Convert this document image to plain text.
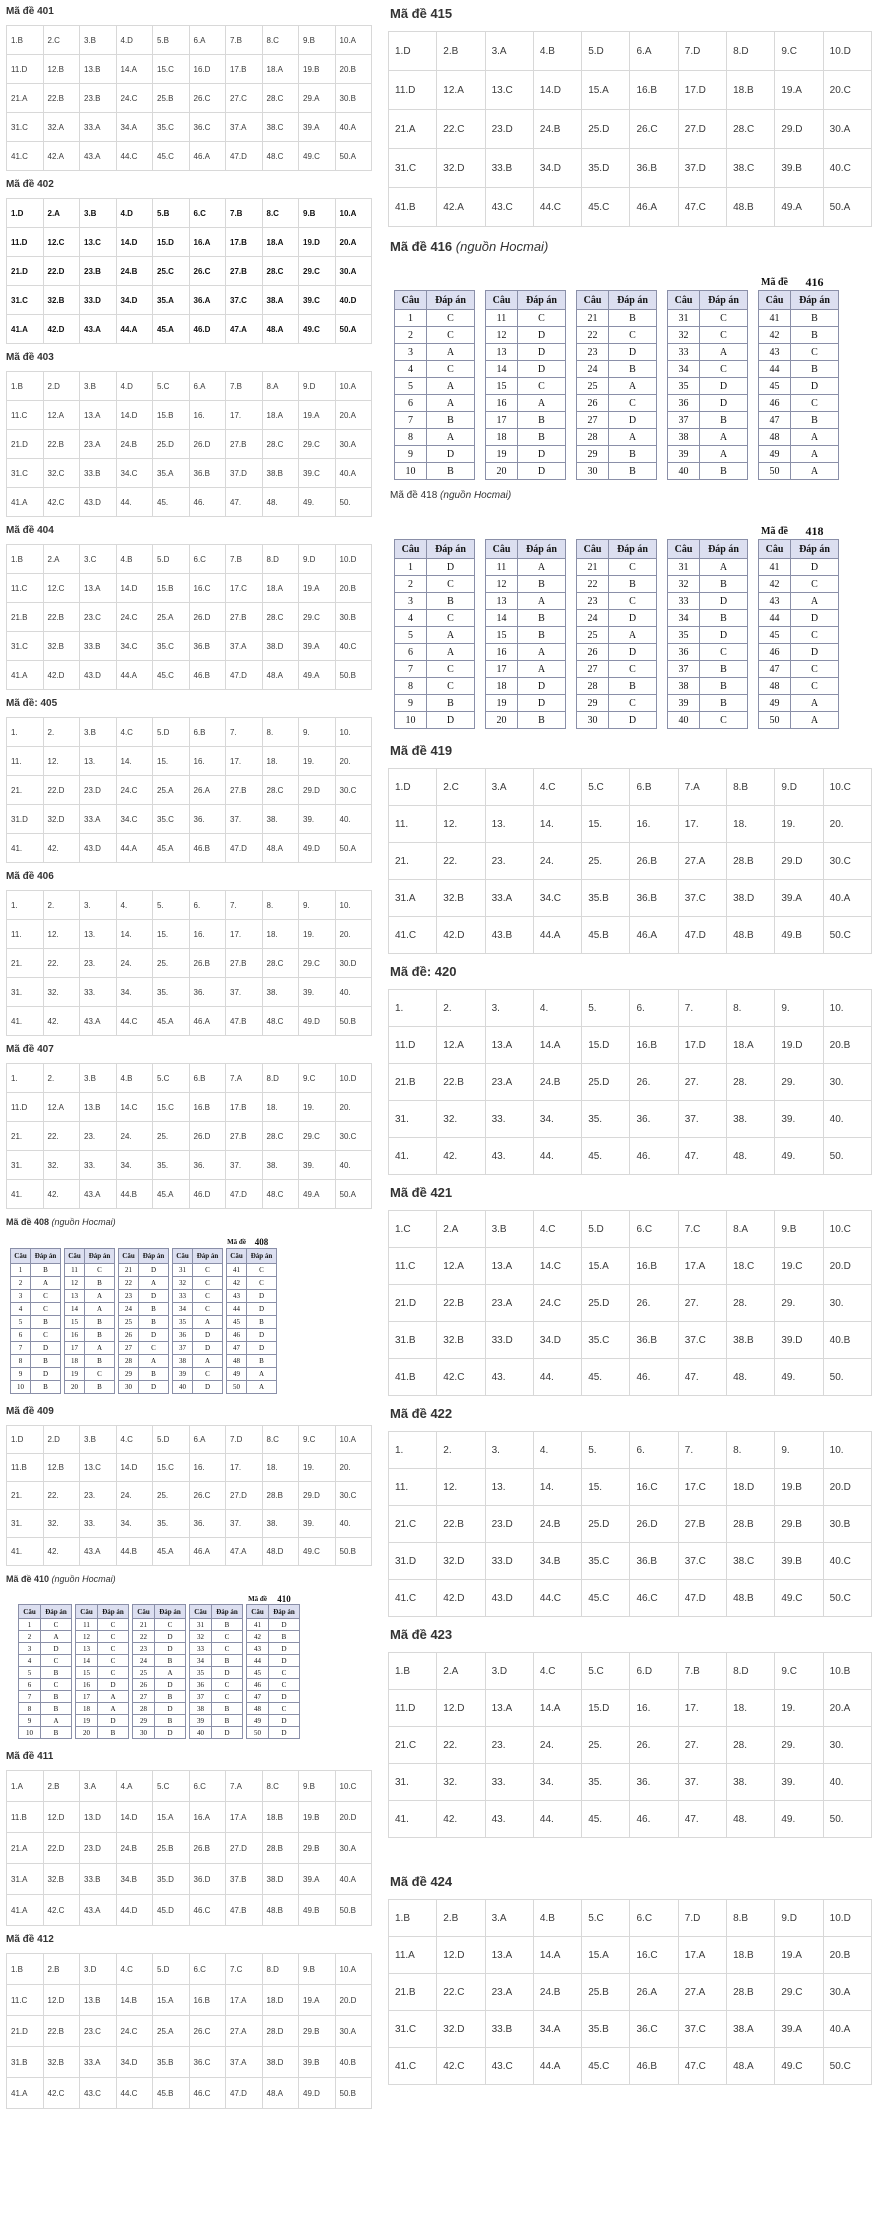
Mã đề 401
1.B	2.C	3.B	4.D	5.B	6.A	7.B	8.C	9.B	10.A
11.D	12.B	13.B	14.A	15.C	16.D	17.B	18.A	19.B	20.B
21.A	22.B	23.B	24.C	25.B	26.C	27.C	28.C	29.A	30.B
31.C	32.A	33.A	34.A	35.C	36.C	37.A	38.C	39.A	40.A
41.C	42.A	43.A	44.C	45.C	46.A	47.D	48.C	49.C	50.A
Mã đề 402
1.D	2.A	3.B	4.D	5.B	6.C	7.B	8.C	9.B	10.A
11.D	12.C	13.C	14.D	15.D	16.A	17.B	18.A	19.D	20.A
21.D	22.D	23.B	24.B	25.C	26.C	27.B	28.C	29.C	30.A
31.C	32.B	33.D	34.D	35.A	36.A	37.C	38.A	39.C	40.D
41.A	42.D	43.A	44.A	45.A	46.D	47.A	48.A	49.C	50.A
Mã đề 403
1.B	2.D	3.B	4.D	5.C	6.A	7.B	8.A	9.D	10.A
11.C	12.A	13.A	14.D	15.B	16.	17.	18.A	19.A	20.A
21.D	22.B	23.A	24.B	25.D	26.D	27.B	28.C	29.C	30.A
31.C	32.C	33.B	34.C	35.A	36.B	37.D	38.B	39.C	40.A
41.A	42.C	43.D	44.	45.	46.	47.	48.	49.	50.
Mã đề 404
1.B	2.A	3.C	4.B	5.D	6.C	7.B	8.D	9.D	10.D
11.C	12.C	13.A	14.D	15.B	16.C	17.C	18.A	19.A	20.B
21.B	22.B	23.C	24.C	25.A	26.D	27.B	28.C	29.C	30.B
31.C	32.B	33.B	34.C	35.C	36.B	37.A	38.D	39.A	40.C
41.A	42.D	43.D	44.A	45.C	46.B	47.D	48.A	49.A	50.B
Mã đề: 405
1.	2.	3.B	4.C	5.D	6.B	7.	8.	9.	10.
11.	12.	13.	14.	15.	16.	17.	18.	19.	20.
21.	22.D	23.D	24.C	25.A	26.A	27.B	28.C	29.D	30.C
31.D	32.D	33.A	34.C	35.C	36.	37.	38.	39.	40.
41.	42.	43.D	44.A	45.A	46.B	47.D	48.A	49.D	50.A
Mã đề 406
1.	2.	3.	4.	5.	6.	7.	8.	9.	10.
11.	12.	13.	14.	15.	16.	17.	18.	19.	20.
21.	22.	23.	24.	25.	26.B	27.B	28.C	29.C	30.D
31.	32.	33.	34.	35.	36.	37.	38.	39.	40.
41.	42.	43.A	44.C	45.A	46.A	47.B	48.C	49.D	50.B
Mã đề 407
1.	2.	3.B	4.B	5.C	6.B	7.A	8.D	9.C	10.D
11.D	12.A	13.B	14.C	15.C	16.B	17.B	18.	19.	20.
21.	22.	23.	24.	25.	26.D	27.B	28.C	29.C	30.C
31.	32.	33.	34.	35.	36.	37.	38.	39.	40.
41.	42.	43.A	44.B	45.A	46.D	47.D	48.C	49.A	50.A
Mã đề 408 (nguồn Hocmai)
Câu	Đáp án
1	B
2	A
3	C
4	C
5	B
6	C
7	D
8	B
9	D
10	B
Câu	Đáp án
11	C
12	B
13	A
14	A
15	B
16	B
17	A
18	B
19	C
20	B
Câu	Đáp án
21	D
22	A
23	D
24	B
25	B
26	D
27	C
28	A
29	B
30	D
Câu	Đáp án
31	C
32	C
33	C
34	C
35	A
36	D
37	D
38	A
39	C
40	D
Mã đề	408
Câu	Đáp án
41	C
42	C
43	D
44	D
45	B
46	D
47	D
48	B
49	A
50	A
Mã đề 409
1.D	2.D	3.B	4.C	5.D	6.A	7.D	8.C	9.C	10.A
11.B	12.B	13.C	14.D	15.C	16.	17.	18.	19.	20.
21.	22.	23.	24.	25.	26.C	27.D	28.B	29.D	30.C
31.	32.	33.	34.	35.	36.	37.	38.	39.	40.
41.	42.	43.A	44.B	45.A	46.A	47.A	48.D	49.C	50.B
Mã đề 410 (nguồn Hocmai)
Câu	Đáp án
1	C
2	A
3	D
4	C
5	B
6	C
7	B
8	B
9	A
10	B
Câu	Đáp án
11	C
12	C
13	C
14	C
15	C
16	D
17	A
18	A
19	D
20	B
Câu	Đáp án
21	C
22	D
23	D
24	B
25	A
26	D
27	B
28	D
29	B
30	D
Câu	Đáp án
31	B
32	C
33	C
34	B
35	D
36	C
37	C
38	B
39	B
40	D
Mã đề	410
Câu	Đáp án
41	D
42	B
43	D
44	D
45	C
46	C
47	D
48	C
49	D
50	D
Mã đề 411
1.A	2.B	3.A	4.A	5.C	6.C	7.A	8.C	9.B	10.C
11.B	12.D	13.D	14.D	15.A	16.A	17.A	18.B	19.B	20.D
21.A	22.D	23.D	24.B	25.B	26.B	27.D	28.B	29.B	30.A
31.A	32.B	33.B	34.B	35.D	36.D	37.B	38.D	39.A	40.A
41.A	42.C	43.A	44.D	45.D	46.C	47.B	48.B	49.B	50.B
Mã đề 412
1.B	2.B	3.D	4.C	5.D	6.C	7.C	8.D	9.B	10.A
11.C	12.D	13.B	14.B	15.A	16.B	17.A	18.D	19.A	20.D
21.D	22.B	23.C	24.C	25.A	26.C	27.A	28.D	29.B	30.A
31.B	32.B	33.A	34.D	35.B	36.C	37.A	38.D	39.B	40.B
41.A	42.C	43.C	44.C	45.B	46.C	47.D	48.A	49.D	50.B
Mã đề 415
1.D	2.B	3.A	4.B	5.D	6.A	7.D	8.D	9.C	10.D
11.D	12.A	13.C	14.D	15.A	16.B	17.D	18.B	19.A	20.C
21.A	22.C	23.D	24.B	25.D	26.C	27.D	28.C	29.D	30.A
31.C	32.D	33.B	34.D	35.D	36.B	37.D	38.C	39.B	40.C
41.B	42.A	43.C	44.C	45.C	46.A	47.C	48.B	49.A	50.A
Mã đề 416 (nguồn Hocmai)
Câu	Đáp án
1	C
2	C
3	A
4	C
5	A
6	A
7	B
8	A
9	D
10	B
Câu	Đáp án
11	C
12	D
13	D
14	D
15	C
16	A
17	B
18	B
19	D
20	D
Câu	Đáp án
21	B
22	C
23	D
24	B
25	A
26	C
27	D
28	A
29	B
30	B
Câu	Đáp án
31	C
32	C
33	A
34	C
35	D
36	D
37	B
38	A
39	A
40	B
Mã đề	416
Câu	Đáp án
41	B
42	B
43	C
44	B
45	D
46	C
47	B
48	A
49	A
50	A
Mã đề 418 (nguồn Hocmai)
Câu	Đáp án
1	D
2	C
3	B
4	C
5	A
6	A
7	C
8	C
9	B
10	D
Câu	Đáp án
11	A
12	B
13	A
14	B
15	B
16	A
17	A
18	D
19	D
20	B
Câu	Đáp án
21	C
22	B
23	C
24	D
25	A
26	D
27	C
28	B
29	C
30	D
Câu	Đáp án
31	A
32	B
33	D
34	B
35	D
36	C
37	B
38	B
39	B
40	C
Mã đề	418
Câu	Đáp án
41	D
42	C
43	A
44	D
45	C
46	D
47	C
48	C
49	A
50	A
Mã đề 419
1.D	2.C	3.A	4.C	5.C	6.B	7.A	8.B	9.D	10.C
11.	12.	13.	14.	15.	16.	17.	18.	19.	20.
21.	22.	23.	24.	25.	26.B	27.A	28.B	29.D	30.C
31.A	32.B	33.A	34.C	35.B	36.B	37.C	38.D	39.A	40.A
41.C	42.D	43.B	44.A	45.B	46.A	47.D	48.B	49.B	50.C
Mã đề: 420
1.	2.	3.	4.	5.	6.	7.	8.	9.	10.
11.D	12.A	13.A	14.A	15.D	16.B	17.D	18.A	19.D	20.B
21.B	22.B	23.A	24.B	25.D	26.	27.	28.	29.	30.
31.	32.	33.	34.	35.	36.	37.	38.	39.	40.
41.	42.	43.	44.	45.	46.	47.	48.	49.	50.
Mã đề 421
1.C	2.A	3.B	4.C	5.D	6.C	7.C	8.A	9.B	10.C
11.C	12.A	13.A	14.C	15.A	16.B	17.A	18.C	19.C	20.D
21.D	22.B	23.A	24.C	25.D	26.	27.	28.	29.	30.
31.B	32.B	33.D	34.D	35.C	36.B	37.C	38.B	39.D	40.B
41.B	42.C	43.	44.	45.	46.	47.	48.	49.	50.
Mã đề 422
1.	2.	3.	4.	5.	6.	7.	8.	9.	10.
11.	12.	13.	14.	15.	16.C	17.C	18.D	19.B	20.D
21.C	22.B	23.D	24.B	25.D	26.D	27.B	28.B	29.B	30.B
31.D	32.D	33.D	34.B	35.C	36.B	37.C	38.C	39.B	40.C
41.C	42.D	43.D	44.C	45.C	46.C	47.D	48.B	49.C	50.C
Mã đề 423
1.B	2.A	3.D	4.C	5.C	6.D	7.B	8.D	9.C	10.B
11.D	12.D	13.A	14.A	15.D	16.	17.	18.	19.	20.A
21.C	22.	23.	24.	25.	26.	27.	28.	29.	30.
31.	32.	33.	34.	35.	36.	37.	38.	39.	40.
41.	42.	43.	44.	45.	46.	47.	48.	49.	50.
Mã đề 424
1.B	2.B	3.A	4.B	5.C	6.C	7.D	8.B	9.D	10.D
11.A	12.D	13.A	14.A	15.A	16.C	17.A	18.B	19.A	20.B
21.B	22.C	23.A	24.B	25.B	26.A	27.A	28.B	29.C	30.A
31.C	32.D	33.B	34.A	35.B	36.C	37.C	38.A	39.A	40.A
41.C	42.C	43.C	44.A	45.C	46.B	47.C	48.A	49.C	50.C
